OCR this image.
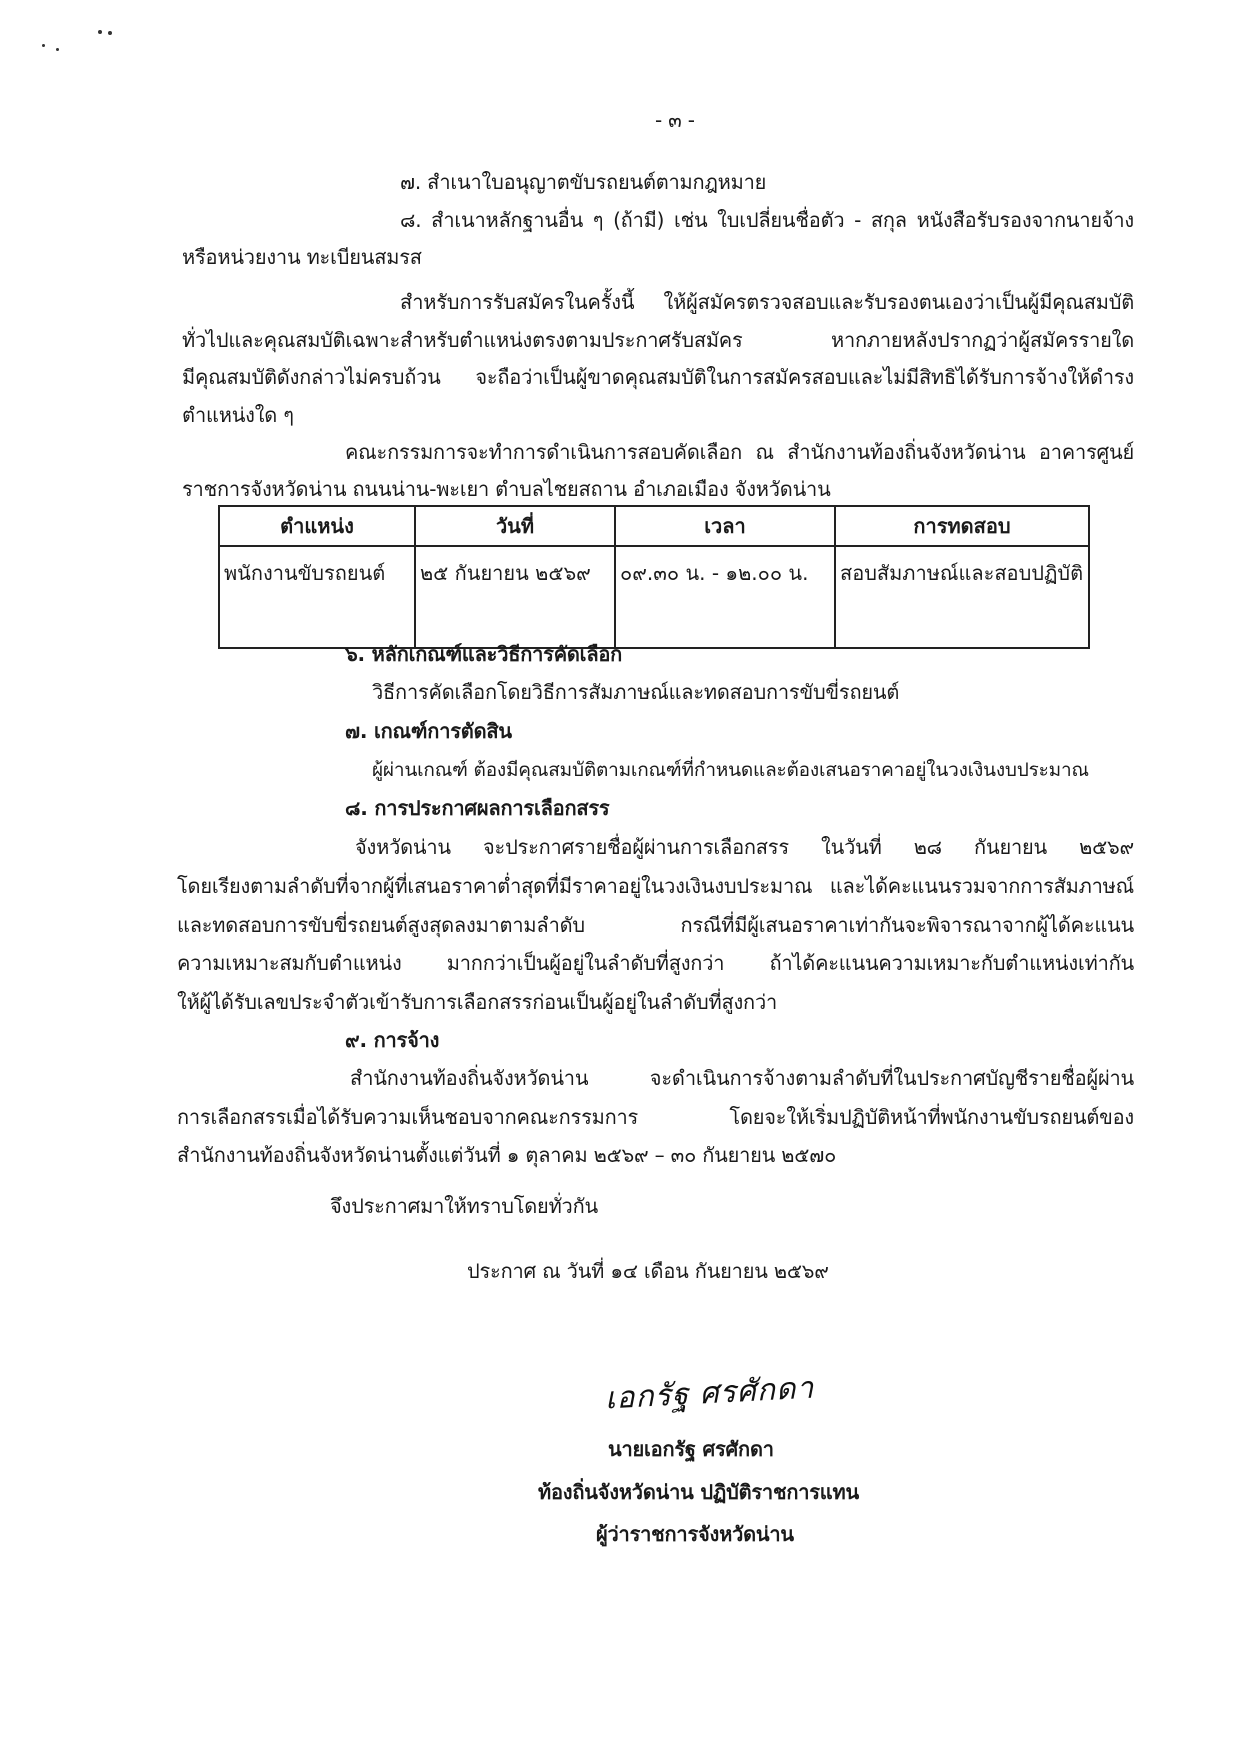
- ๓ -
๗. สำเนาใบอนุญาตขับรถยนต์ตามกฎหมาย
๘. สำเนาหลักฐานอื่น ๆ (ถ้ามี) เช่น ใบเปลี่ยนชื่อตัว - สกุล หนังสือรับรองจากนายจ้าง
หรือหน่วยงาน ทะเบียนสมรส
สำหรับการรับสมัครในครั้งนี้ ให้ผู้สมัครตรวจสอบและรับรองตนเองว่าเป็นผู้มีคุณสมบัติ
ทั่วไปและคุณสมบัติเฉพาะสำหรับตำแหน่งตรงตามประกาศรับสมัคร หากภายหลังปรากฏว่าผู้สมัครรายใด
มีคุณสมบัติดังกล่าวไม่ครบถ้วน จะถือว่าเป็นผู้ขาดคุณสมบัติในการสมัครสอบและไม่มีสิทธิได้รับการจ้างให้ดำรง
ตำแหน่งใด ๆ
คณะกรรมการจะทำการดำเนินการสอบคัดเลือก ณ สำนักงานท้องถิ่นจังหวัดน่าน อาคารศูนย์
ราชการจังหวัดน่าน ถนนน่าน-พะเยา ตำบลไชยสถาน อำเภอเมือง จังหวัดน่าน
ตำแหน่ง	วันที่	เวลา	การทดสอบ
พนักงานขับรถยนต์	๒๕ กันยายน ๒๕๖๙	๐๙.๓๐ น. - ๑๒.๐๐ น.	สอบสัมภาษณ์และสอบปฏิบัติ
๖. หลักเกณฑ์และวิธีการคัดเลือก
วิธีการคัดเลือกโดยวิธีการสัมภาษณ์และทดสอบการขับขี่รถยนต์
๗. เกณฑ์การตัดสิน
ผู้ผ่านเกณฑ์ ต้องมีคุณสมบัติตามเกณฑ์ที่กำหนดและต้องเสนอราคาอยู่ในวงเงินงบประมาณ
๘. การประกาศผลการเลือกสรร
จังหวัดน่าน จะประกาศรายชื่อผู้ผ่านการเลือกสรร ในวันที่ ๒๘ กันยายน ๒๕๖๙
โดยเรียงตามลำดับที่จากผู้ที่เสนอราคาต่ำสุดที่มีราคาอยู่ในวงเงินงบประมาณ และได้คะแนนรวมจากการสัมภาษณ์
และทดสอบการขับขี่รถยนต์สูงสุดลงมาตามลำดับ กรณีที่มีผู้เสนอราคาเท่ากันจะพิจารณาจากผู้ได้คะแนน
ความเหมาะสมกับตำแหน่ง มากกว่าเป็นผู้อยู่ในลำดับที่สูงกว่า ถ้าได้คะแนนความเหมาะกับตำแหน่งเท่ากัน
ให้ผู้ได้รับเลขประจำตัวเข้ารับการเลือกสรรก่อนเป็นผู้อยู่ในลำดับที่สูงกว่า
๙. การจ้าง
สำนักงานท้องถิ่นจังหวัดน่าน จะดำเนินการจ้างตามลำดับที่ในประกาศบัญชีรายชื่อผู้ผ่าน
การเลือกสรรเมื่อได้รับความเห็นชอบจากคณะกรรมการ โดยจะให้เริ่มปฏิบัติหน้าที่พนักงานขับรถยนต์ของ
สำนักงานท้องถิ่นจังหวัดน่านตั้งแต่วันที่ ๑ ตุลาคม ๒๕๖๙ – ๓๐ กันยายน ๒๕๗๐
จึงประกาศมาให้ทราบโดยทั่วกัน
ประกาศ ณ วันที่ ๑๔ เดือน กันยายน ๒๕๖๙
เอกรัฐ ศรศักดา
นายเอกรัฐ ศรศักดา
ท้องถิ่นจังหวัดน่าน ปฏิบัติราชการแทน
ผู้ว่าราชการจังหวัดน่าน
